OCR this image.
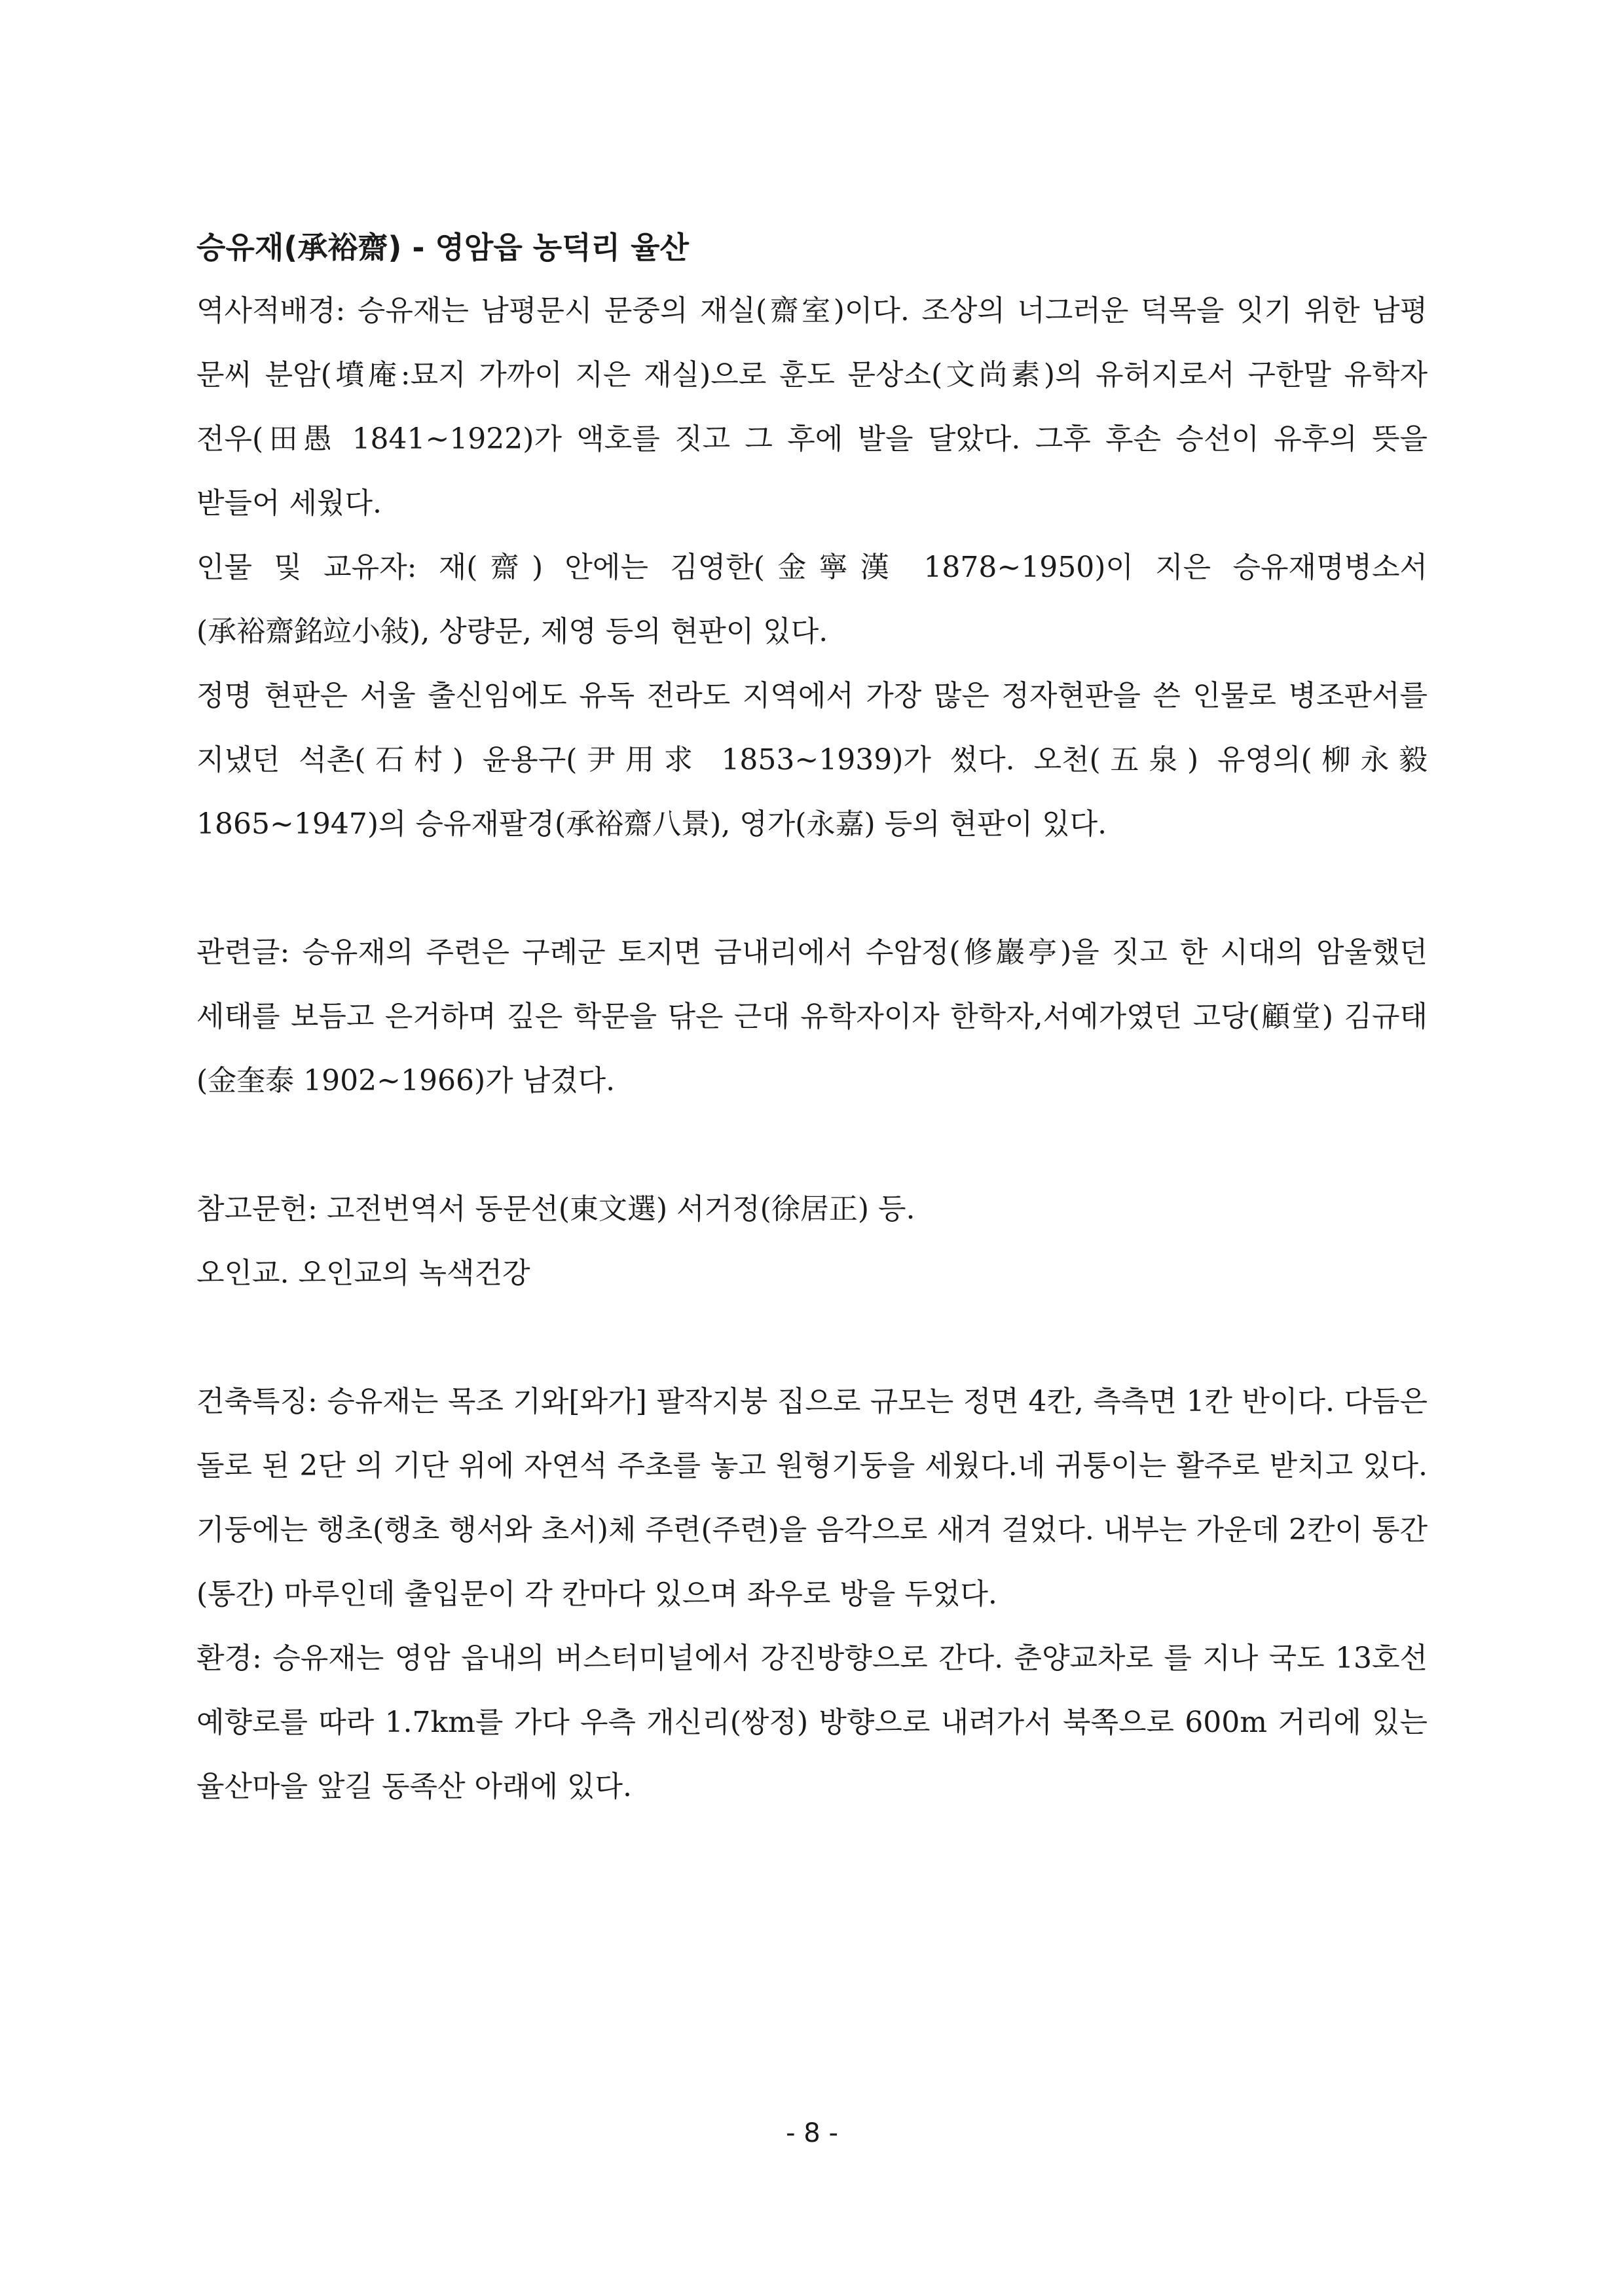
승유재(承裕齋) - 영암읍 농덕리 율산

역사적배경: 승유재는 남평문시 문중의 재실(齋室)이다. 조상의 너그러운 덕목을 잇기 위한 남평 문씨 분암(墳庵:묘지 가까이 지은 재실)으로 훈도 문상소(文尚素)의 유허지로서 구한말 유학자 전우(田愚 1841~1922)가 액호를 짓고 그 후에 발을 달았다. 그후 후손 승선이 유후의 뜻을 받들어 세웠다.

인물 및 교유자: 재(齋) 안에는 김영한(金寧漢 1878~1950)이 지은 승유재명병소서(承裕齋銘竝小敍), 상량문, 제영 등의 현판이 있다.

정명 현판은 서울 출신임에도 유독 전라도 지역에서 가장 많은 정자현판을 쓴 인물로 병조판서를 지냈던 석촌(石村) 윤용구(尹用求 1853~1939)가 썼다. 오천(五泉) 유영의(柳永毅 1865~1947)의 승유재팔경(承裕齋八景), 영가(永嘉) 등의 현판이 있다.

관련글: 승유재의 주련은 구례군 토지면 금내리에서 수암정(修巖亭)을 짓고 한 시대의 암울했던 세태를 보듬고 은거하며 깊은 학문을 닦은 근대 유학자이자 한학자,서예가였던 고당(顧堂) 김규태(金奎泰 1902~1966)가 남겼다.

참고문헌: 고전번역서 동문선(東文選) 서거정(徐居正) 등.

오인교. 오인교의 녹색건강

건축특징: 승유재는 목조 기와[와가] 팔작지붕 집으로 규모는 정면 4칸, 측측면 1칸 반이다. 다듬은 돌로 된 2단 의 기단 위에 자연석 주초를 놓고 원형기둥을 세웠다.네 귀퉁이는 활주로 받치고 있다. 기둥에는 행초(행초 행서와 초서)체 주련(주련)을 음각으로 새겨 걸었다. 내부는 가운데 2칸이 통간(통간) 마루인데 출입문이 각 칸마다 있으며 좌우로 방을 두었다.

환경: 승유재는 영암 읍내의 버스터미널에서 강진방향으로 간다. 춘양교차로 를 지나 국도 13호선 예향로를 따라 1.7km를 가다 우측 개신리(쌍정) 방향으로 내려가서 북쪽으로 600m 거리에 있는 율산마을 앞길 동족산 아래에 있다.

- 8 -
